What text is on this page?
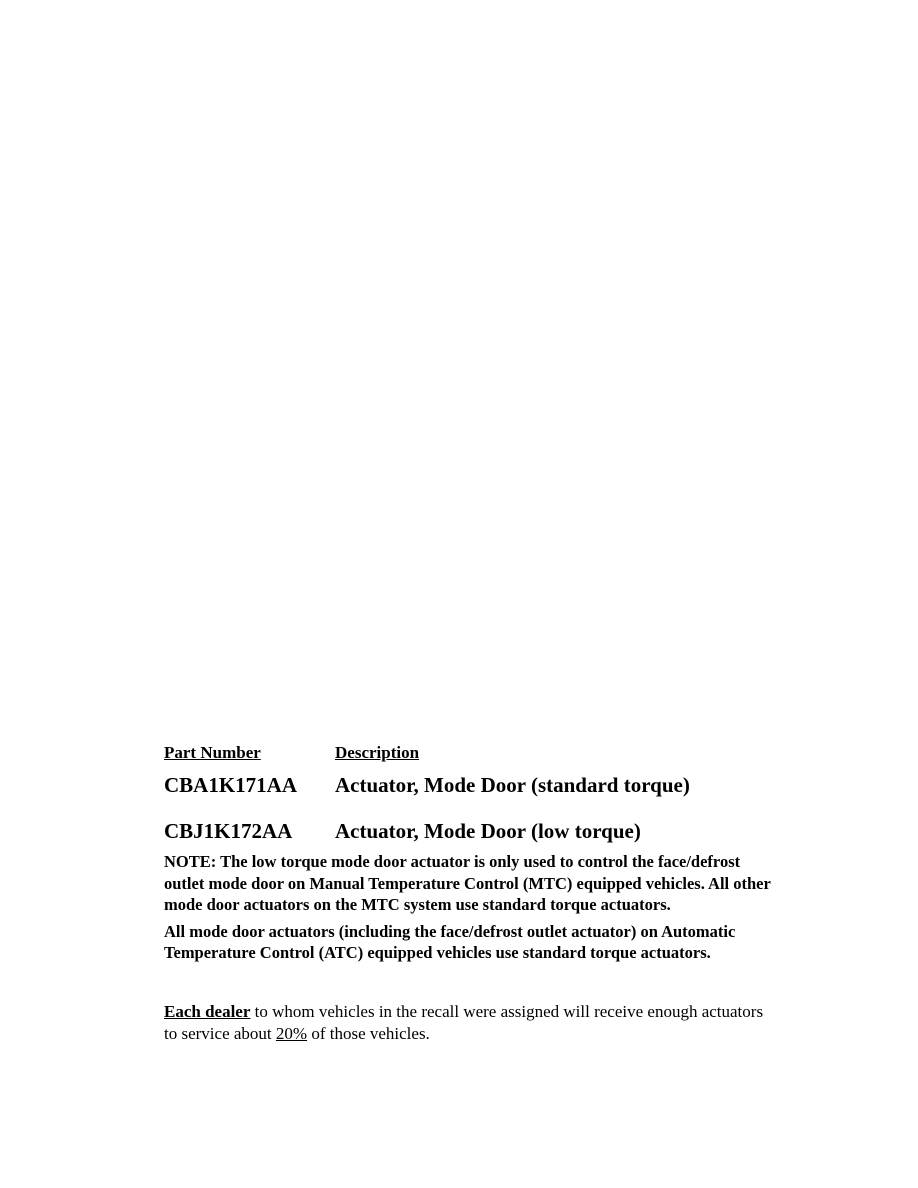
Part Number	Description
CBA1K171AA	Actuator, Mode Door (standard torque)
CBJ1K172AA	Actuator, Mode Door (low torque)

NOTE: The low torque mode door actuator is only used to control the face/defrost outlet mode door on Manual Temperature Control (MTC) equipped vehicles. All other mode door actuators on the MTC system use standard torque actuators.

All mode door actuators (including the face/defrost outlet actuator) on Automatic Temperature Control (ATC) equipped vehicles use standard torque actuators.

Each dealer to whom vehicles in the recall were assigned will receive enough actuators to service about 20% of those vehicles.
